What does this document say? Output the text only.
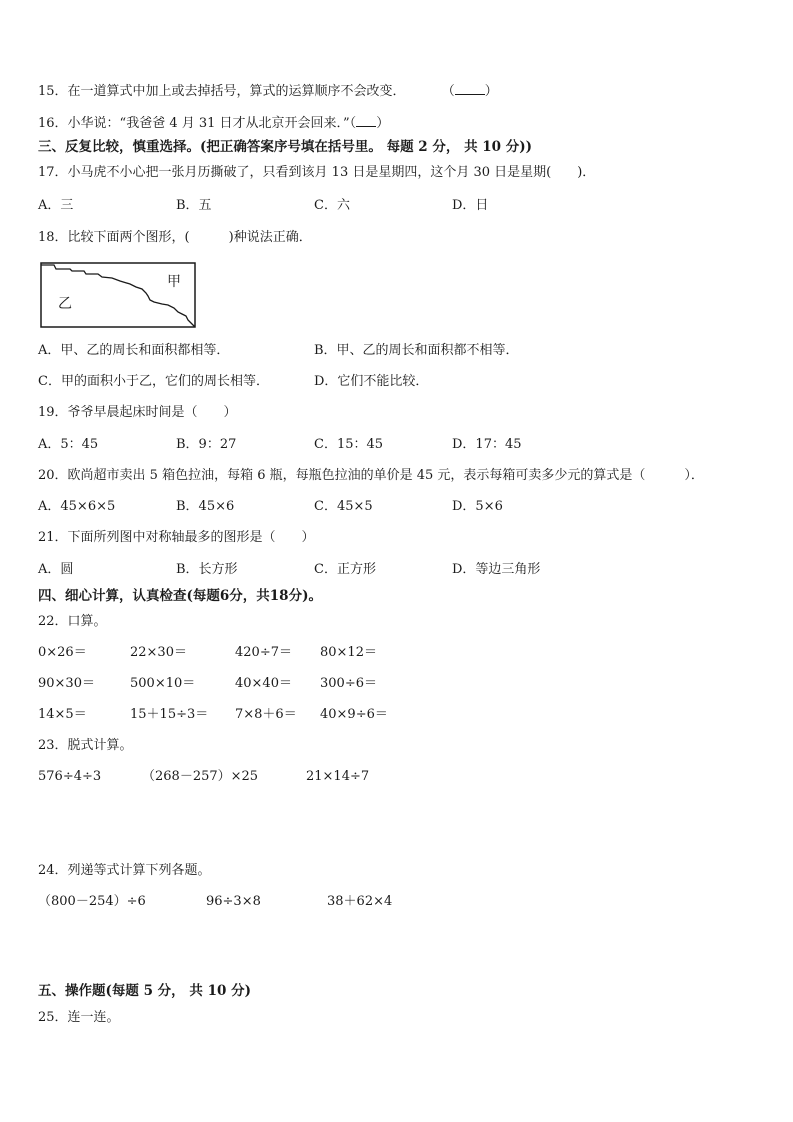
15．在一道算式中加上或去掉括号，算式的运算顺序不会改变．	（ ）
16．小华说：“我爸爸 4 月 31 日才从北京开会回来．”（ ）
三、反复比较，慎重选择。(把正确答案序号填在括号里。 每题 2 分， 共 10 分))
17．小马虎不小心把一张月历撕破了，只看到该月 13 日是星期四，这个月 30 日是星期(　　)．
A．三	B．五	C．六	D．日
18．比较下面两个图形，(　　　)种说法正确．
甲
乙
A．甲、乙的周长和面积都相等．	B．甲、乙的周长和面积都不相等．
C．甲的面积小于乙，它们的周长相等．	D．它们不能比较．
19．爷爷早晨起床时间是（　　）
A．5：45	B．9：27	C．15：45	D．17：45
20．欧尚超市卖出 5 箱色拉油，每箱 6 瓶，每瓶色拉油的单价是 45 元，表示每箱可卖多少元的算式是（　　　）．
A．45×6×5	B．45×6	C．45×5	D．5×6
21．下面所列图中对称轴最多的图形是（　　）
A．圆	B．长方形	C．正方形	D．等边三角形
四、细心计算，认真检查(每题6分，共18分)。
22．口算。
0×26＝	22×30＝	420÷7＝ 80×12＝
90×30＝	500×10＝	40×40＝ 300÷6＝
14×5＝	15＋15÷3＝ 7×8＋6＝ 40×9÷6＝
23．脱式计算。
576÷4÷3	（268－257）×25	21×14÷7
24．列递等式计算下列各题。
（800－254）÷6	96÷3×8	38＋62×4
五、操作题(每题 5 分， 共 10 分)
25．连一连。
